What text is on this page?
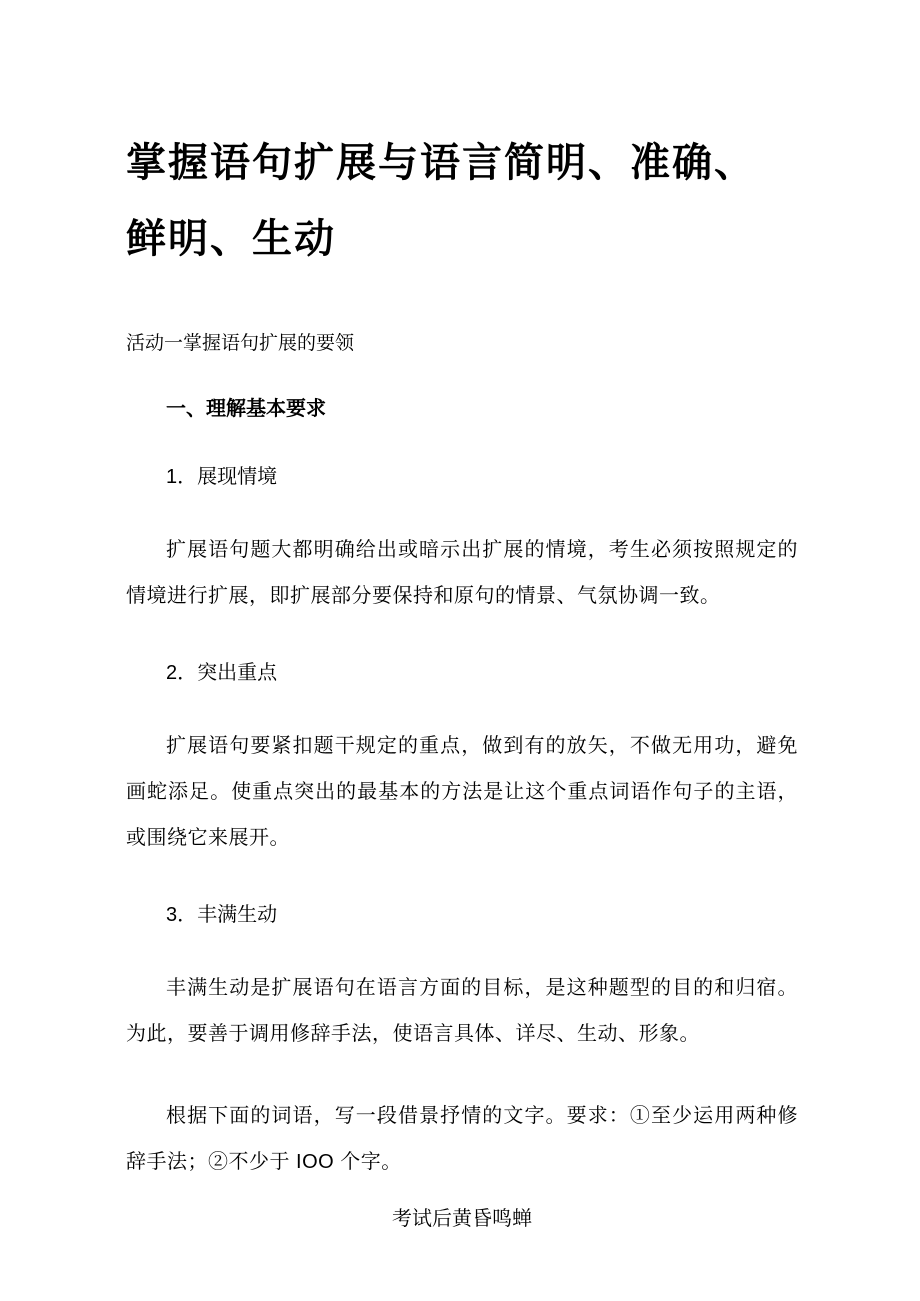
掌握语句扩展与语言简明、准确、
鲜明、生动
活动一掌握语句扩展的要领
一、理解基本要求
1．展现情境

扩展语句题大都明确给出或暗示出扩展的情境，考生必须按照规定的情境进行扩展，即扩展部分要保持和原句的情景、气氛协调一致。

2．突出重点

扩展语句要紧扣题干规定的重点，做到有的放矢，不做无用功，避免画蛇添足。使重点突出的最基本的方法是让这个重点词语作句子的主语，或围绕它来展开。

3．丰满生动

丰满生动是扩展语句在语言方面的目标，是这种题型的目的和归宿。为此，要善于调用修辞手法，使语言具体、详尽、生动、形象。

根据下面的词语，写一段借景抒情的文字。要求：①至少运用两种修辞手法；②不少于 IOO 个字。

考试后黄昏鸣蝉
